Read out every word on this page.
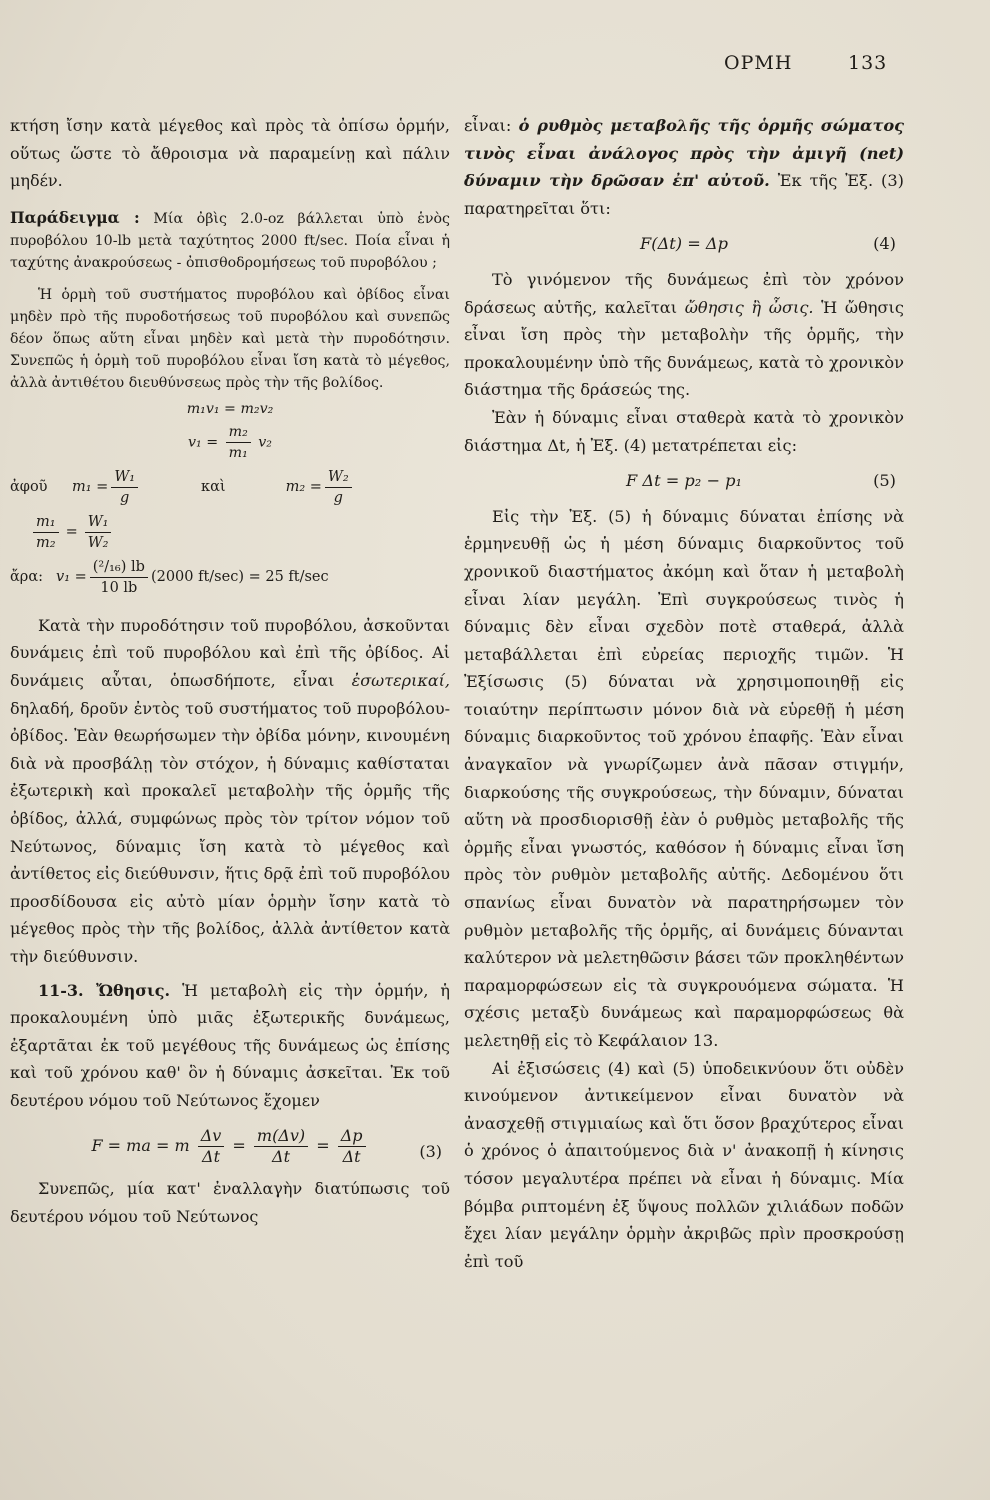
ΟΡΜΗ	133

κτήση ἴσην κατὰ μέγεθος καὶ πρὸς τὰ ὀπίσω ὁρμήν, οὕτως ὥστε τὸ ἄθροισμα νὰ παραμείνῃ καὶ πάλιν μηδέν.

Παράδειγμα : Μία ὀβὶς 2.0-oz βάλλεται ὑπὸ ἑνὸς πυροβόλου 10-lb μετὰ ταχύτητος 2000 ft/sec. Ποία εἶναι ἡ ταχύτης ἀνακρούσεως - ὀπισθοδρομήσεως τοῦ πυροβόλου ;

Ἡ ὁρμὴ τοῦ συστήματος πυροβόλου καὶ ὀβίδος εἶναι μηδὲν πρὸ τῆς πυροδοτήσεως τοῦ πυροβόλου καὶ συνεπῶς δέον ὅπως αὕτη εἶναι μηδὲν καὶ μετὰ τὴν πυροδότησιν. Συνεπῶς ἡ ὁρμὴ τοῦ πυροβόλου εἶναι ἴση κατὰ τὸ μέγεθος, ἀλλὰ ἀντιθέτου διευθύνσεως πρὸς τὴν τῆς βολίδος.

m₁v₁ = m₂v₂
$v_1 = \frac{\text{m₂}}{\text{m₁}} v_2$
ἀφοῦ	$m_1 = \frac{\text{W₁}}{g}$	καὶ	$m_2 = \frac{\text{W₂}}{g}$
$\frac{\text{m₁}}{\text{m₂}} = \frac{\text{W₁}}{\text{W₂}}$
ἄρα: $v_1 = \frac{\text{(²/₁₆) lb}}{10 lb} (2000$ ft/sec) = 25 ft/sec

Κατὰ τὴν πυροδότησιν τοῦ πυροβόλου, ἀσκοῦνται δυνάμεις ἐπὶ τοῦ πυροβόλου καὶ ἐπὶ τῆς ὀβίδος. Αἱ δυνάμεις αὗται, ὁπωσδήποτε, εἶναι ἐσωτερικαί, δηλαδή, δροῦν ἐντὸς τοῦ συστήματος τοῦ πυροβόλου-ὀβίδος. Ἐὰν θεωρήσωμεν τὴν ὀβίδα μόνην, κινουμένη διὰ νὰ προσβάλῃ τὸν στόχον, ἡ δύναμις καθίσταται ἐξωτερικὴ καὶ προκαλεῖ μεταβολὴν τῆς ὁρμῆς τῆς ὀβίδος, ἀλλά, συμφώνως πρὸς τὸν τρίτον νόμον τοῦ Νεύτωνος, δύναμις ἴση κατὰ τὸ μέγεθος καὶ ἀντίθετος εἰς διεύθυνσιν, ἥτις δρᾷ ἐπὶ τοῦ πυροβόλου προσδίδουσα εἰς αὐτὸ μίαν ὁρμὴν ἴσην κατὰ τὸ μέγεθος πρὸς τὴν τῆς βολίδος, ἀλλὰ ἀντίθετον κατὰ τὴν διεύθυνσιν.

11-3. Ὤθησις. Ἡ μεταβολὴ εἰς τὴν ὁρμήν, ἡ προκαλουμένη ὑπὸ μιᾶς ἐξωτερικῆς δυνάμεως, ἐξαρτᾶται ἐκ τοῦ μεγέθους τῆς δυνάμεως ὡς ἐπίσης καὶ τοῦ χρόνου καθ' ὃν ἡ δύναμις ἀσκεῖται. Ἐκ τοῦ δευτέρου νόμου τοῦ Νεύτωνος ἔχομεν

F = ma = m $\frac{\Delta v}{\Delta t} = \frac{m(\Delta v)}{\Delta t} = \frac{\Delta p}{\Delta t}$	(3)

Συνεπῶς, μία κατ' ἐναλλαγὴν διατύπωσις τοῦ δευτέρου νόμου τοῦ Νεύτωνος

εἶναι: ὁ ρυθμὸς μεταβολῆς τῆς ὁρμῆς σώματος τινὸς εἶναι ἀνάλογος πρὸς τὴν ἀμιγῆ (net) δύναμιν τὴν δρῶσαν ἐπ' αὐτοῦ. Ἐκ τῆς Ἐξ. (3) παρατηρεῖται ὅτι:

F(Δt) = Δp	(4)

Τὸ γινόμενον τῆς δυνάμεως ἐπὶ τὸν χρόνον δράσεως αὐτῆς, καλεῖται ὤθησις ἢ ὦσις. Ἡ ὤθησις εἶναι ἴση πρὸς τὴν μεταβολὴν τῆς ὁρμῆς, τὴν προκαλουμένην ὑπὸ τῆς δυνάμεως, κατὰ τὸ χρονικὸν διάστημα τῆς δράσεώς της.

Ἐὰν ἡ δύναμις εἶναι σταθερὰ κατὰ τὸ χρονικὸν διάστημα Δt, ἡ Ἐξ. (4) μετατρέπεται εἰς:

F Δt = p₂ − p₁	(5)

Εἰς τὴν Ἐξ. (5) ἡ δύναμις δύναται ἐπίσης νὰ ἑρμηνευθῇ ὡς ἡ μέση δύναμις διαρκοῦντος τοῦ χρονικοῦ διαστήματος ἀκόμη καὶ ὅταν ἡ μεταβολὴ εἶναι λίαν μεγάλη. Ἐπὶ συγκρούσεως τινὸς ἡ δύναμις δὲν εἶναι σχεδὸν ποτὲ σταθερά, ἀλλὰ μεταβάλλεται ἐπὶ εὐρείας περιοχῆς τιμῶν. Ἡ Ἐξίσωσις (5) δύναται νὰ χρησιμοποιηθῇ εἰς τοιαύτην περίπτωσιν μόνον διὰ νὰ εὑρεθῇ ἡ μέση δύναμις διαρκοῦντος τοῦ χρόνου ἐπαφῆς. Ἐὰν εἶναι ἀναγκαῖον νὰ γνωρίζωμεν ἀνὰ πᾶσαν στιγμήν, διαρκούσης τῆς συγκρούσεως, τὴν δύναμιν, δύναται αὕτη νὰ προσδιορισθῇ ἐὰν ὁ ρυθμὸς μεταβολῆς τῆς ὁρμῆς εἶναι γνωστός, καθόσον ἡ δύναμις εἶναι ἴση πρὸς τὸν ρυθμὸν μεταβολῆς αὐτῆς. Δεδομένου ὅτι σπανίως εἶναι δυνατὸν νὰ παρατηρήσωμεν τὸν ρυθμὸν μεταβολῆς τῆς ὁρμῆς, αἱ δυνάμεις δύνανται καλύτερον νὰ μελετηθῶσιν βάσει τῶν προκληθέντων παραμορφώσεων εἰς τὰ συγκρουόμενα σώματα. Ἡ σχέσις μεταξὺ δυνάμεως καὶ παραμορφώσεως θὰ μελετηθῇ εἰς τὸ Κεφάλαιον 13.

Αἱ ἐξισώσεις (4) καὶ (5) ὑποδεικνύουν ὅτι οὐδὲν κινούμενον ἀντικείμενον εἶναι δυνατὸν νὰ ἀνασχεθῇ στιγμιαίως καὶ ὅτι ὅσον βραχύτερος εἶναι ὁ χρόνος ὁ ἀπαιτούμενος διὰ ν' ἀνακοπῇ ἡ κίνησις τόσον μεγαλυτέρα πρέπει νὰ εἶναι ἡ δύναμις. Μία βόμβα ριπτομένη ἐξ ὕψους πολλῶν χιλιάδων ποδῶν ἔχει λίαν μεγάλην ὁρμὴν ἀκριβῶς πρὶν προσκρούσῃ ἐπὶ τοῦ
